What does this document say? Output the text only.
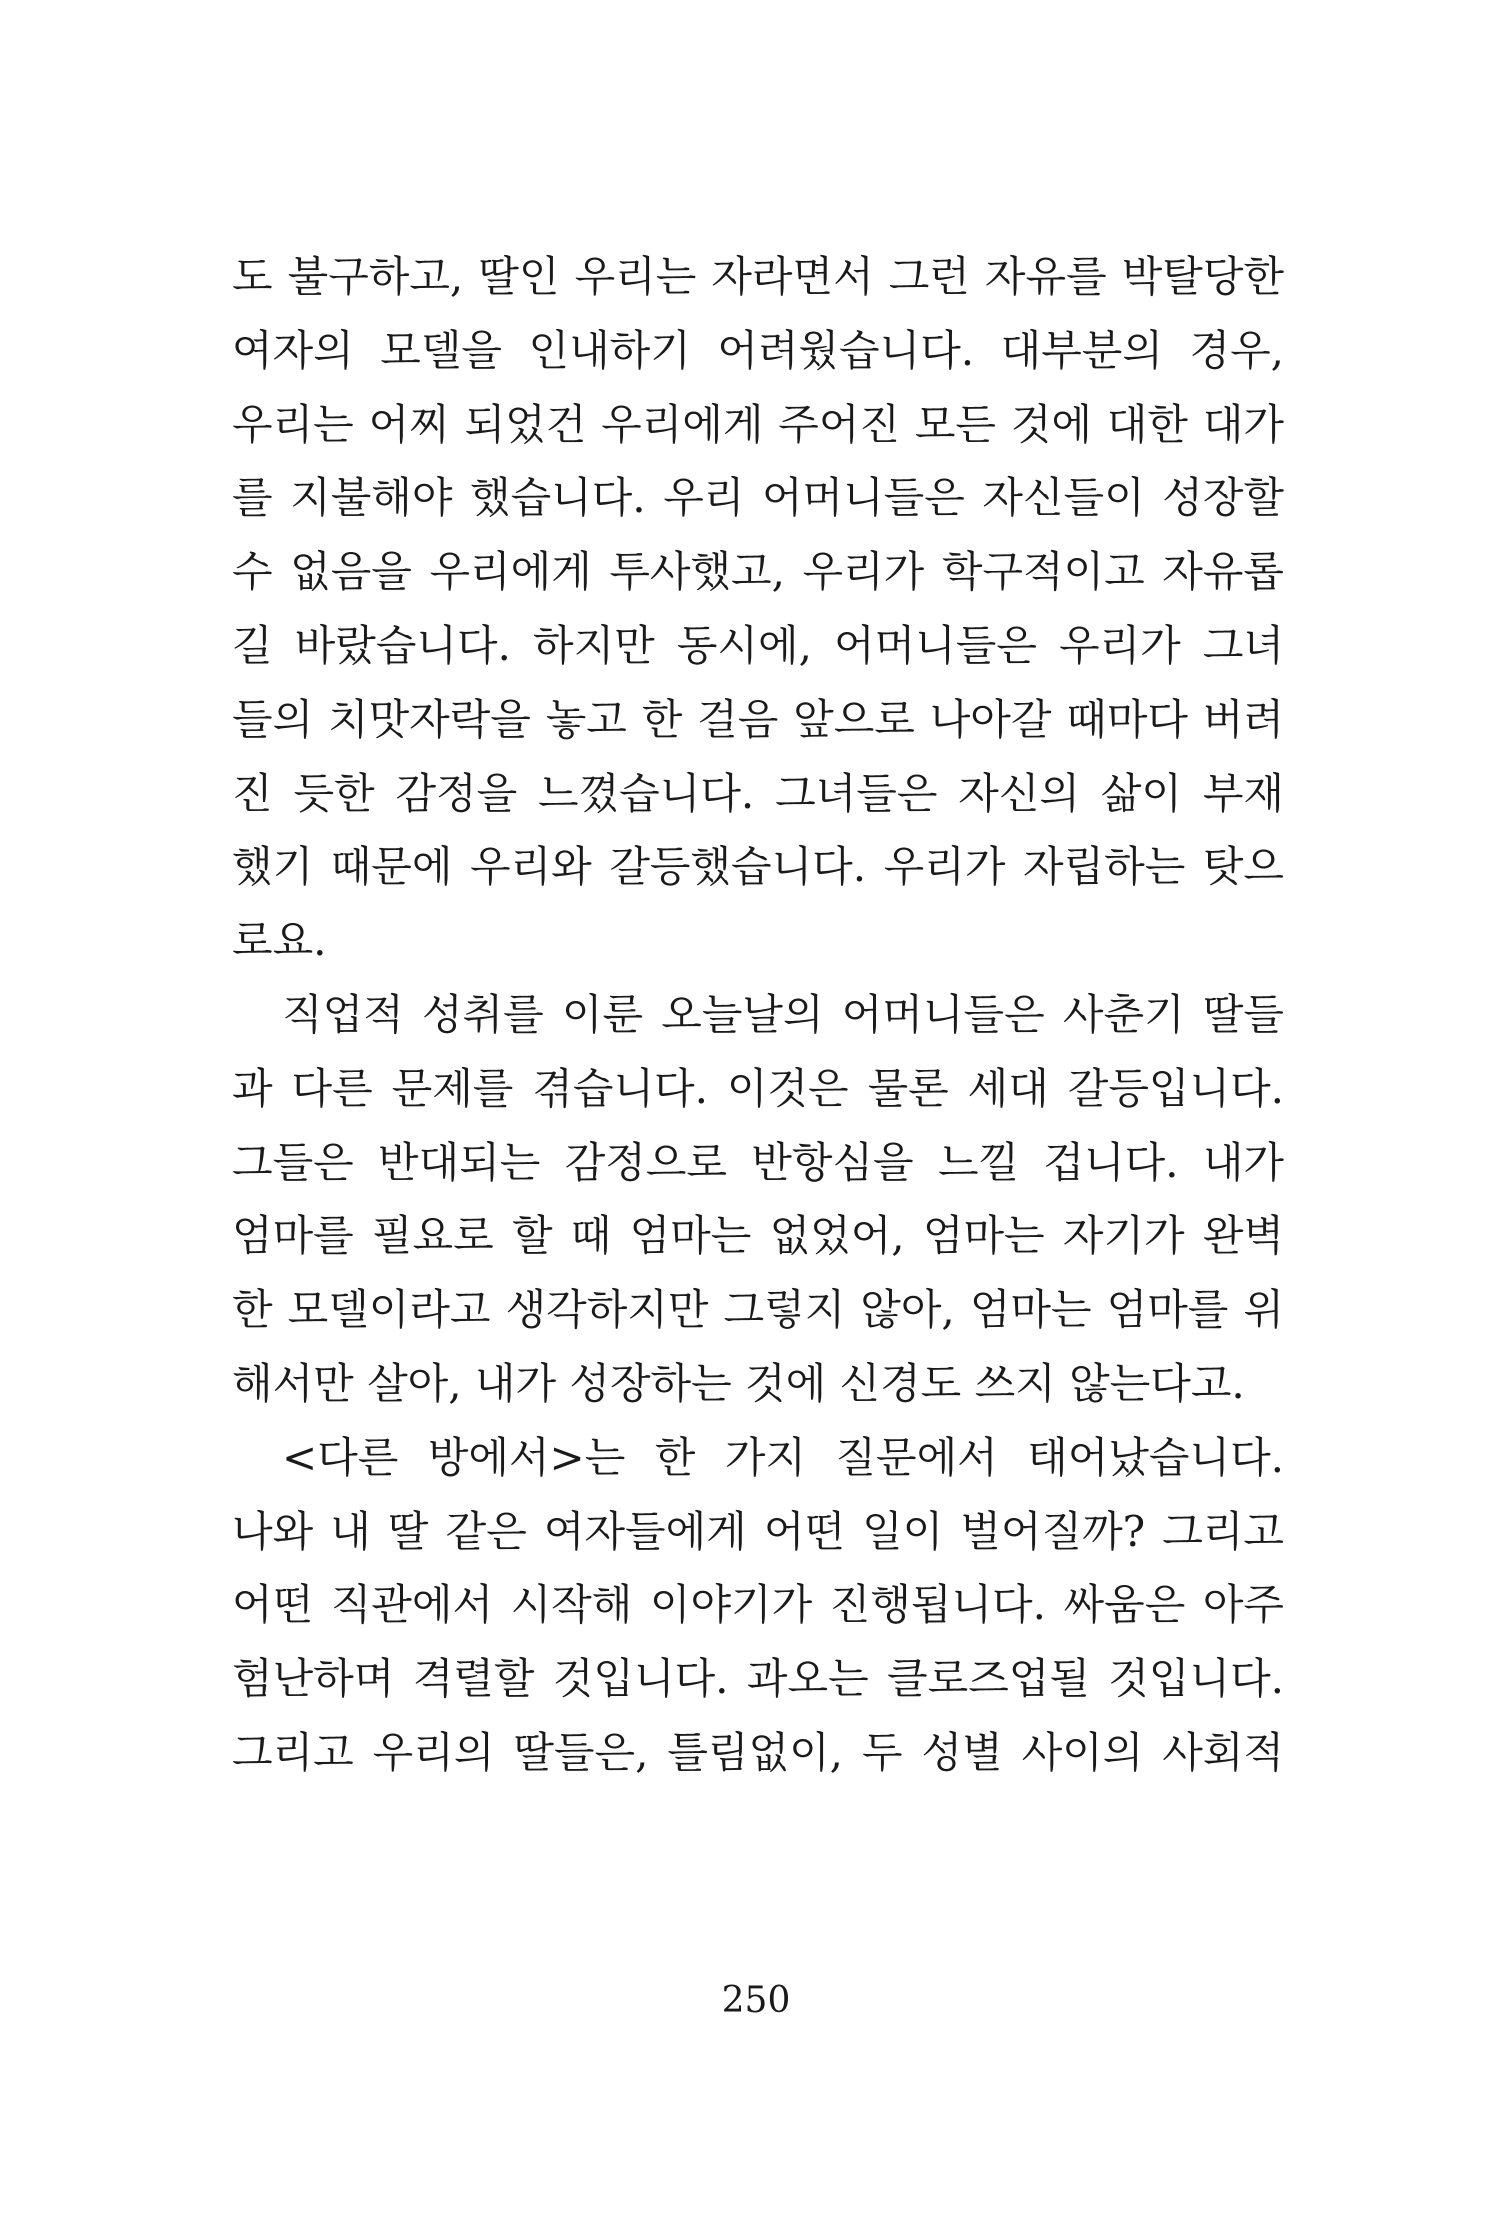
도 불구하고, 딸인 우리는 자라면서 그런 자유를 박탈당한
여자의 모델을 인내하기 어려웠습니다. 대부분의 경우,
우리는 어찌 되었건 우리에게 주어진 모든 것에 대한 대가
를 지불해야 했습니다. 우리 어머니들은 자신들이 성장할
수 없음을 우리에게 투사했고, 우리가 학구적이고 자유롭
길 바랐습니다. 하지만 동시에, 어머니들은 우리가 그녀
들의 치맛자락을 놓고 한 걸음 앞으로 나아갈 때마다 버려
진 듯한 감정을 느꼈습니다. 그녀들은 자신의 삶이 부재
했기 때문에 우리와 갈등했습니다. 우리가 자립하는 탓으
로요.
직업적 성취를 이룬 오늘날의 어머니들은 사춘기 딸들
과 다른 문제를 겪습니다. 이것은 물론 세대 갈등입니다.
그들은 반대되는 감정으로 반항심을 느낄 겁니다. 내가
엄마를 필요로 할 때 엄마는 없었어, 엄마는 자기가 완벽
한 모델이라고 생각하지만 그렇지 않아, 엄마는 엄마를 위
해서만 살아, 내가 성장하는 것에 신경도 쓰지 않는다고.
<다른 방에서>는 한 가지 질문에서 태어났습니다.
나와 내 딸 같은 여자들에게 어떤 일이 벌어질까? 그리고
어떤 직관에서 시작해 이야기가 진행됩니다. 싸움은 아주
험난하며 격렬할 것입니다. 과오는 클로즈업될 것입니다.
그리고 우리의 딸들은, 틀림없이, 두 성별 사이의 사회적
250
